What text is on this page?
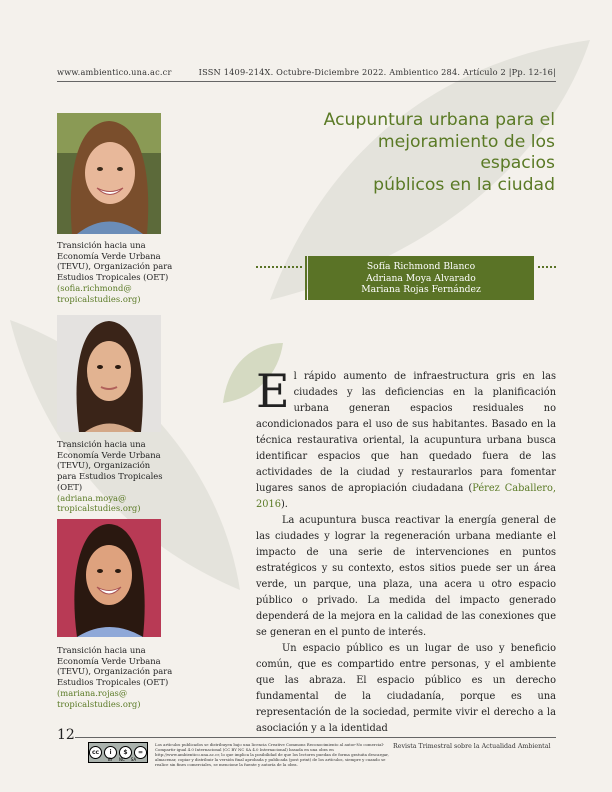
www.ambientico.una.ac.cr	ISSN 1409-214X. Octubre-Diciembre 2022. Ambientico 284. Artículo 2 |Pp. 12-16|
Acupuntura urbana para el
mejoramiento de los espacios
públicos en la ciudad
Transición hacia una
Economía Verde Urbana
(TEVU), Organización para
Estudios Tropicales (OET)
(sofia.richmond@
tropicalstudies.org)
Transición hacia una
Economía Verde Urbana
(TEVU), Organización
para Estudios Tropicales
(OET)
(adriana.moya@
tropicalstudies.org)
Transición hacia una
Economía Verde Urbana
(TEVU), Organización para
Estudios Tropicales (OET)
(mariana.rojas@
tropicalstudies.org)
Sofía Richmond Blanco
Adriana Moya Alvarado
Mariana Rojas Fernández

El rápido aumento de infraestructura gris en las ciudades y las deficiencias en la planificación urbana generan espacios residuales no acondicionados para el uso de sus habitantes. Basado en la técnica restaurativa oriental, la acupuntura urbana busca identificar espacios que han quedado fuera de las actividades de la ciudad y restaurarlos para fomentar lugares sanos de apropiación ciudadana (Pérez Caballero, 2016).

La acupuntura busca reactivar la energía general de las ciudades y lograr la regeneración urbana mediante el impacto de una serie de intervenciones en puntos estratégicos y su contexto, estos sitios puede ser un área verde, un parque, una plaza, una acera u otro espacio público o privado. La medida del impacto generado dependerá de la mejora en la calidad de las conexiones que se generan en el punto de interés.

Un espacio público es un lugar de uso y beneficio común, que es compartido entre personas, y el ambiente que las abraza. El espacio público es un derecho fundamental de la ciudadanía, porque es una representación de la sociedad, permite vivir el derecho a la asociación y a la identidad

12
cc	i	$	=
BY NC SA
Los artículos publicados se distribuyen bajo una licencia Creative Commons Reconocimiento al autor-No comercial-Compartir igual 4.0 Internacional (CC BY NC SA 4.0 Internacional) basada en una obra en http://www.ambientico.una.ac.cr, lo que implica la posibilidad de que los lectores puedan de forma gratuita descargar, almacenar, copiar y distribuir la versión final aprobada y publicada (post print) de los artículos, siempre y cuando se realice sin fines comerciales, se mencione la fuente y autoría de la obra.
Revista Trimestral sobre la Actualidad Ambiental
